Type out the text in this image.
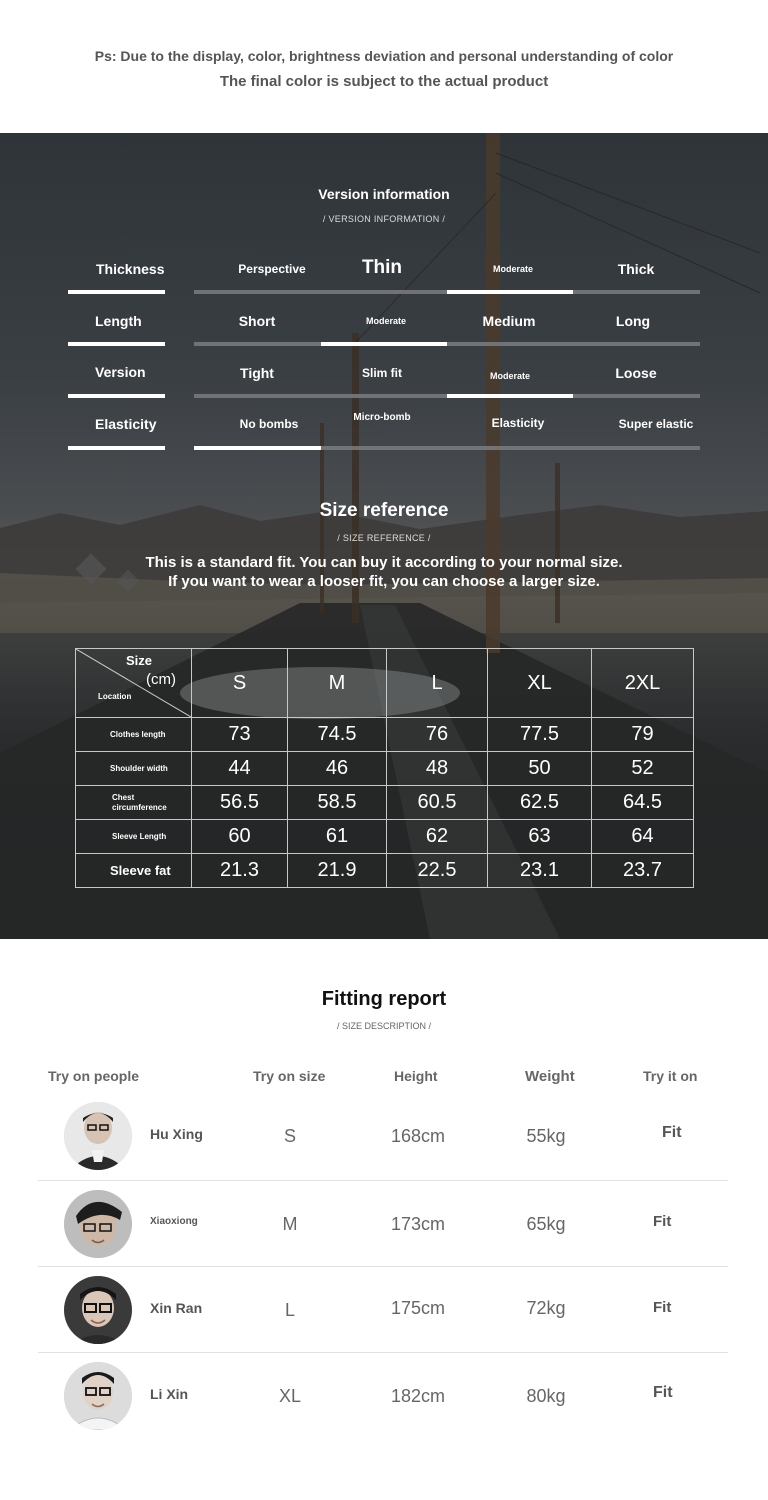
Ps: Due to the display, color, brightness deviation and personal understanding of color
The final color is subject to the actual product
Version information
/ VERSION INFORMATION /
Thickness	Perspective	Thin	Moderate	Thick
Length	Short	Moderate	Medium	Long
Version	Tight	Slim fit	Moderate	Loose
Elasticity	No bombs	Micro-bomb	Elasticity	Super elastic
Size reference
/ SIZE REFERENCE /
This is a standard fit. You can buy it according to your normal size. If you want to wear a looser fit, you can choose a larger size.
Size
(cm)
Location	S	M	L	XL	2XL
Clothes length	73	74.5	76	77.5	79
Shoulder width	44	46	48	50	52
Chest circumference	56.5	58.5	60.5	62.5	64.5
Sleeve Length	60	61	62	63	64
Sleeve fat	21.3	21.9	22.5	23.1	23.7
Fitting report
/ SIZE DESCRIPTION /
Try on people	Try on size	Height	Weight	Try it on
Hu Xing	S	168cm	55kg	Fit
Xiaoxiong	M	173cm	65kg	Fit
Xin Ran	L	175cm	72kg	Fit
Li Xin	XL	182cm	80kg	Fit
